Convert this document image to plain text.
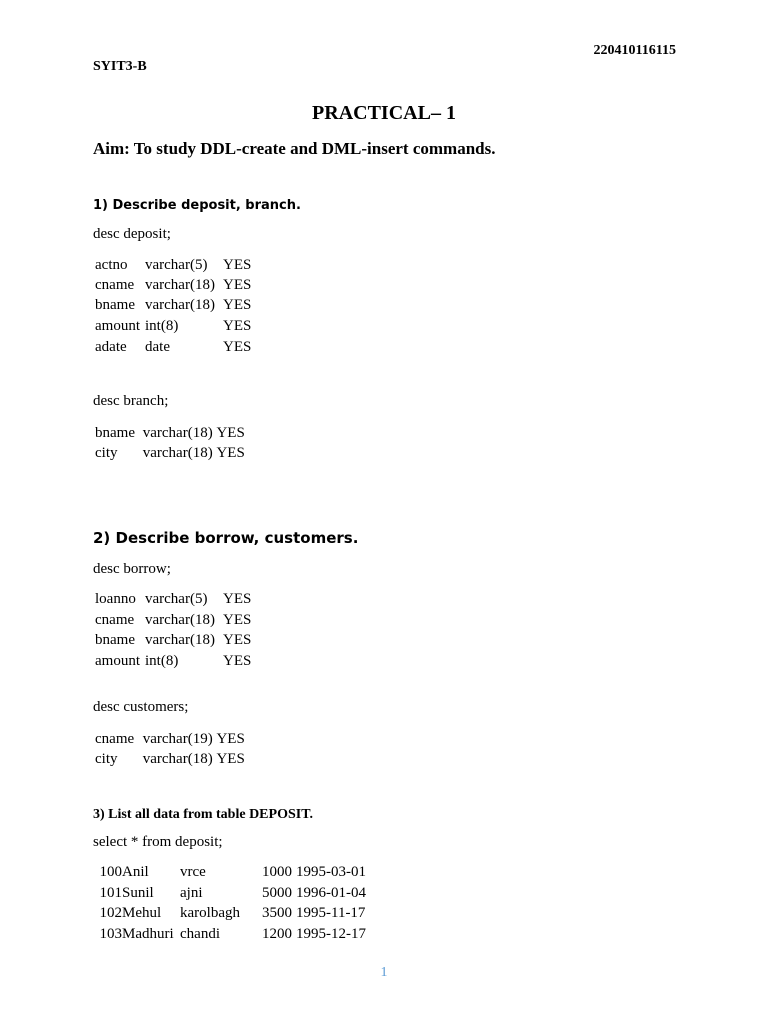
220410116115
SYIT3-B
PRACTICAL– 1
Aim: To study DDL-create and DML-insert commands.
1) Describe deposit, branch.
desc deposit;
actno varchar(5) YES
cname varchar(18) YES
bname varchar(18) YES
amount int(8)	YES
adate date	YES
desc branch;
bname varchar(18) YES
city varchar(18) YES
2) Describe borrow, customers.
desc borrow;
loanno varchar(5) YES
cname varchar(18) YES
bname varchar(18) YES
amount int(8)	YES
desc customers;
cname varchar(19) YES
city varchar(18) YES
3) List all data from table DEPOSIT.
select * from deposit;
100Anil vrce	1000 1995-03-01
101Sunil ajni	5000 1996-01-04
102Mehul karolbagh 3500 1995-11-17
103Madhuri chandi	1200 1995-12-17
1
